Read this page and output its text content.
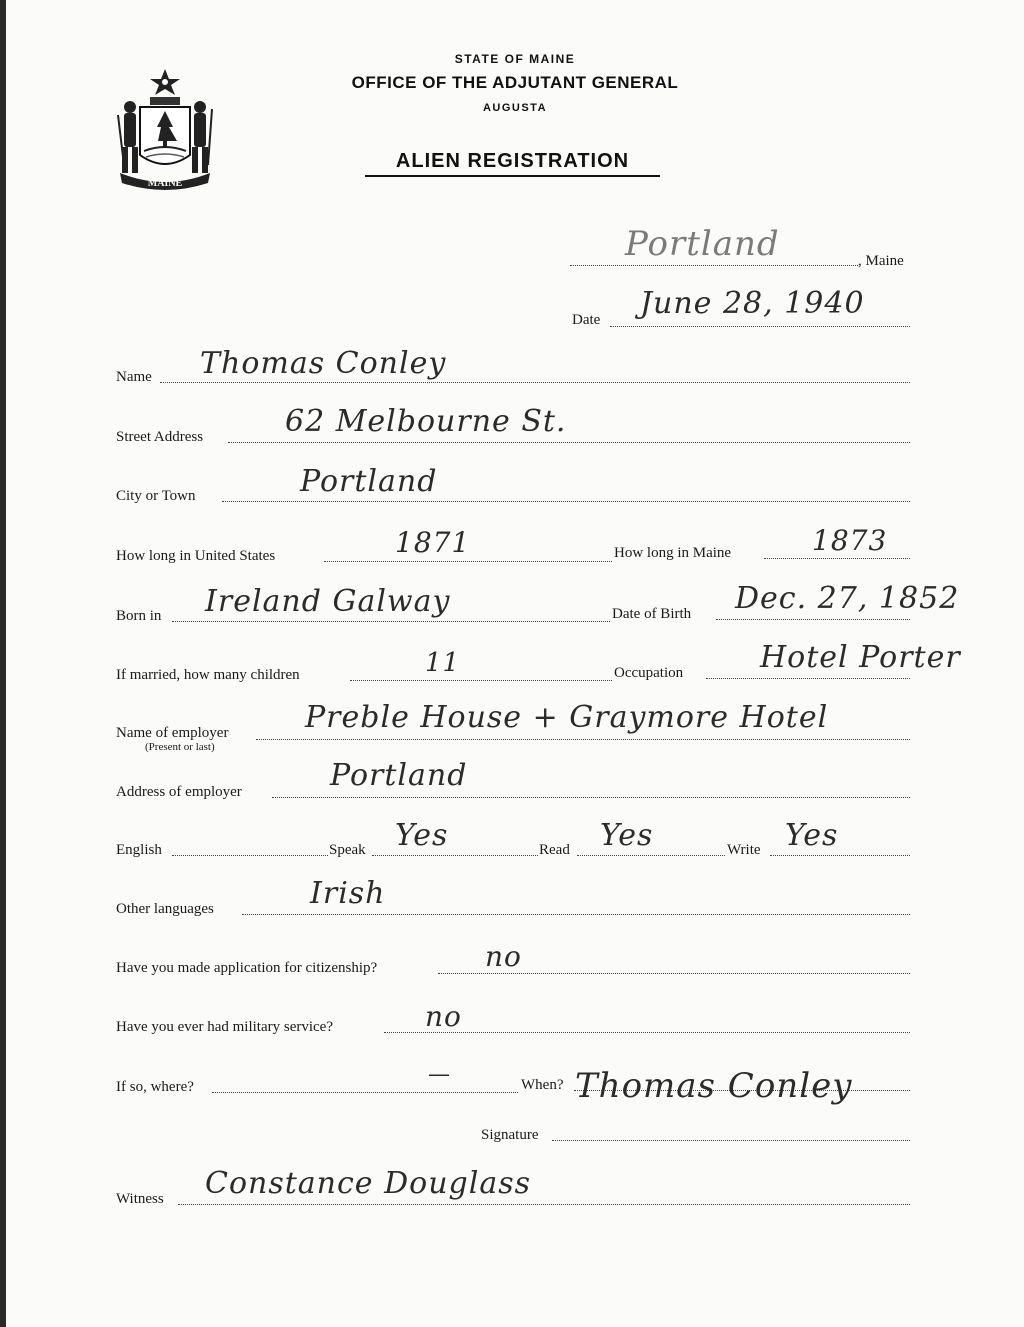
MAINE
STATE OF MAINE
OFFICE OF THE ADJUTANT GENERAL
AUGUSTA
ALIEN REGISTRATION
Portland	, Maine
Date June 28, 1940
Name Thomas Conley
Street Address	62 Melbourne St.
City or Town	Portland
How long in United States	1871	How long in Maine	1873
Born in Ireland Galway	Date of Birth Dec. 27, 1852
If married, how many children	11	Occupation	Hotel Porter
Name of employer
(Present or last)
Preble House + Graymore Hotel
Address of employer	Portland
English	Speak Yes	Read Yes	Write Yes
Other languages	Irish
Have you made application for citizenship?	no
Have you ever had military service?	no
If so, where?	—	When? Thomas Conley
Signature
Witness Constance Douglass
